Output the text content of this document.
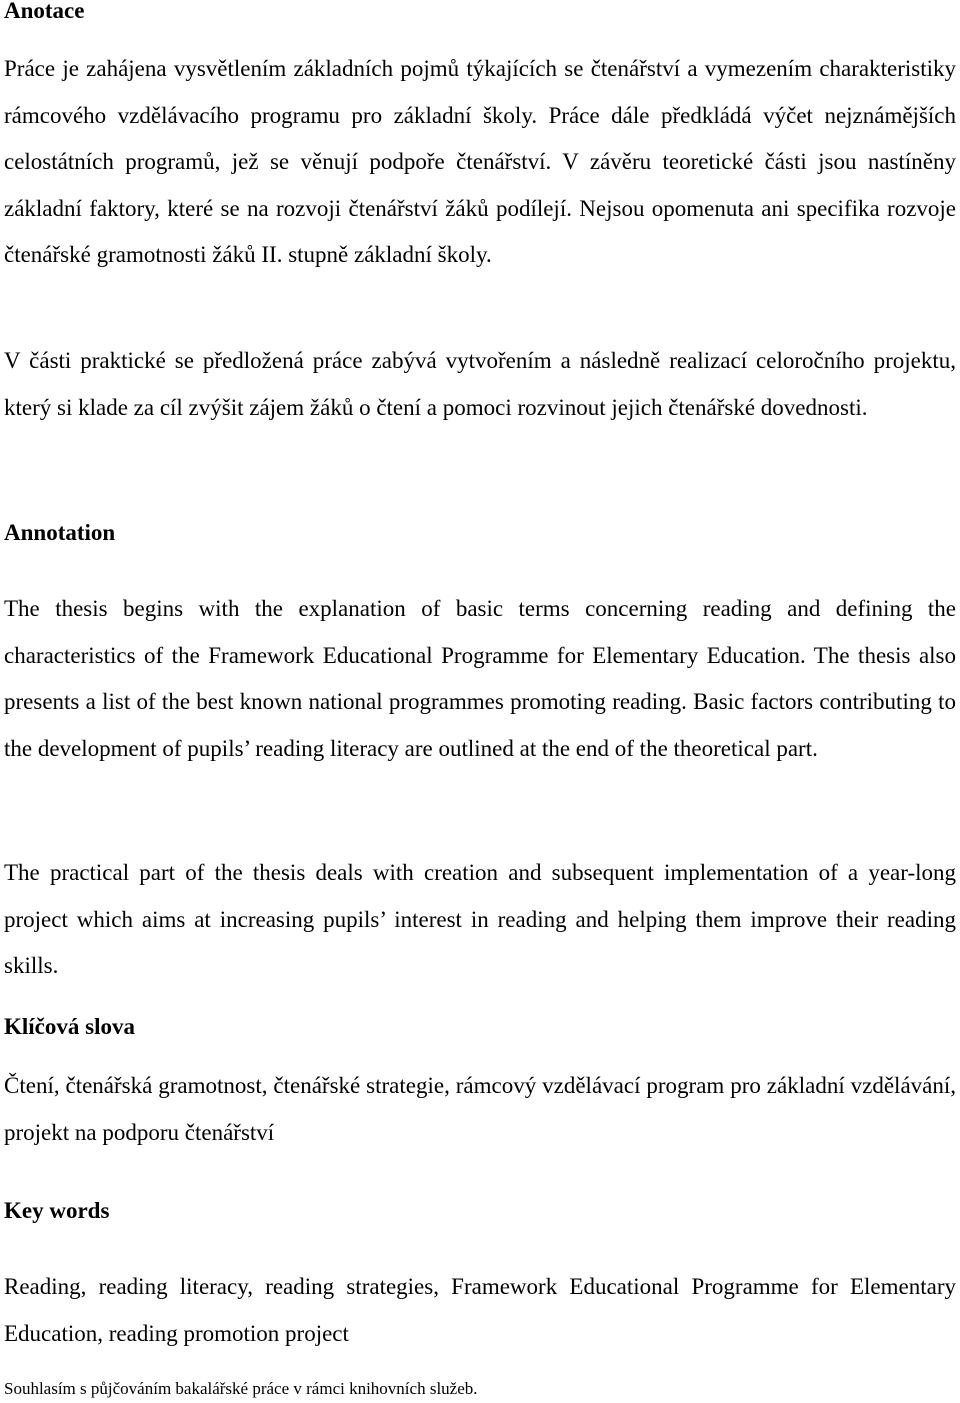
Anotace

Práce je zahájena vysvětlením základních pojmů týkajících se čtenářství a vymezením charakteristiky rámcového vzdělávacího programu pro základní školy. Práce dále předkládá výčet nejznámějších celostátních programů, jež se věnují podpoře čtenářství. V závěru teoretické části jsou nastíněny základní faktory, které se na rozvoji čtenářství žáků podílejí. Nejsou opomenuta ani specifika rozvoje čtenářské gramotnosti žáků II. stupně základní školy.

V části praktické se předložená práce zabývá vytvořením a následně realizací celoročního projektu, který si klade za cíl zvýšit zájem žáků o čtení a pomoci rozvinout jejich čtenářské dovednosti.

Annotation

The thesis begins with the explanation of basic terms concerning reading and defining the characteristics of the Framework Educational Programme for Elementary Education. The thesis also presents a list of the best known national programmes promoting reading. Basic factors contributing to the development of pupils’ reading literacy are outlined at the end of the theoretical part.

The practical part of the thesis deals with creation and subsequent implementation of a year-long project which aims at increasing pupils’ interest in reading and helping them improve their reading skills.

Klíčová slova

Čtení, čtenářská gramotnost, čtenářské strategie, rámcový vzdělávací program pro základní vzdělávání, projekt na podporu čtenářství

Key words

Reading, reading literacy, reading strategies, Framework Educational Programme for Elementary Education, reading promotion project

Souhlasím s půjčováním bakalářské práce v rámci knihovních služeb.
